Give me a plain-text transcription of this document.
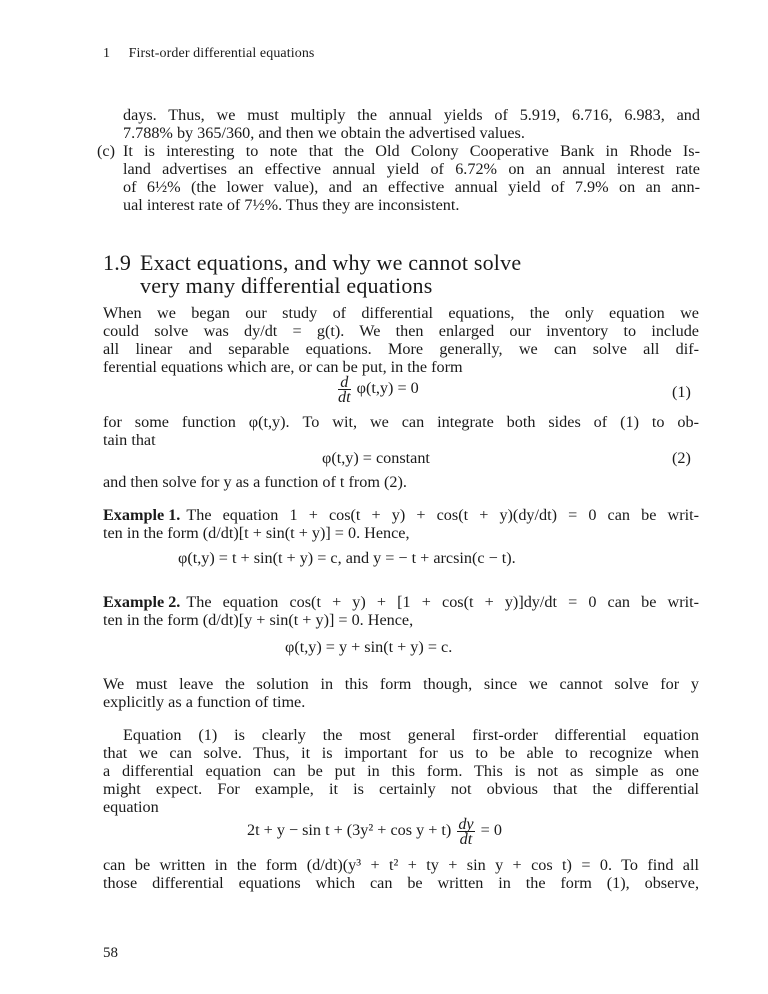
1 First-order differential equations
days. Thus, we must multiply the annual yields of 5.919, 6.716, 6.983, and
7.788% by 365/360, and then we obtain the advertised values.
(c) It is interesting to note that the Old Colony Cooperative Bank in Rhode Is-
land advertises an effective annual yield of 6.72% on an annual interest rate
of 6½% (the lower value), and an effective annual yield of 7.9% on an ann-
ual interest rate of 7½%. Thus they are inconsistent.
1.9 Exact equations, and why we cannot solve
very many differential equations
When we began our study of differential equations, the only equation we
could solve was dy/dt = g(t). We then enlarged our inventory to include
all linear and separable equations. More generally, we can solve all dif-
ferential equations which are, or can be put, in the form
$\frac{d}{dt} \varphi(t,y) = 0$	(1)
for some function φ(t,y). To wit, we can integrate both sides of (1) to ob-
tain that
φ(t,y) = constant	(2)
and then solve for y as a function of t from (2).
Example 1. The equation 1 + cos(t + y) + cos(t + y)(dy/dt) = 0 can be writ-
ten in the form (d/dt)[t + sin(t + y)] = 0. Hence,
φ(t,y) = t + sin(t + y) = c, and y = − t + arcsin(c − t).
Example 2. The equation cos(t + y) + [1 + cos(t + y)]dy/dt = 0 can be writ-
ten in the form (d/dt)[y + sin(t + y)] = 0. Hence,
φ(t,y) = y + sin(t + y) = c.
We must leave the solution in this form though, since we cannot solve for y
explicitly as a function of time.
Equation (1) is clearly the most general first-order differential equation
that we can solve. Thus, it is important for us to be able to recognize when
a differential equation can be put in this form. This is not as simple as one
might expect. For example, it is certainly not obvious that the differential
equation
$2t + y - \sin t + (3y^2 + \cos y + t) \frac{dy}{dt} = 0$
can be written in the form (d/dt)(y³ + t² + ty + sin y + cos t) = 0. To find all
those differential equations which can be written in the form (1), observe,
58
